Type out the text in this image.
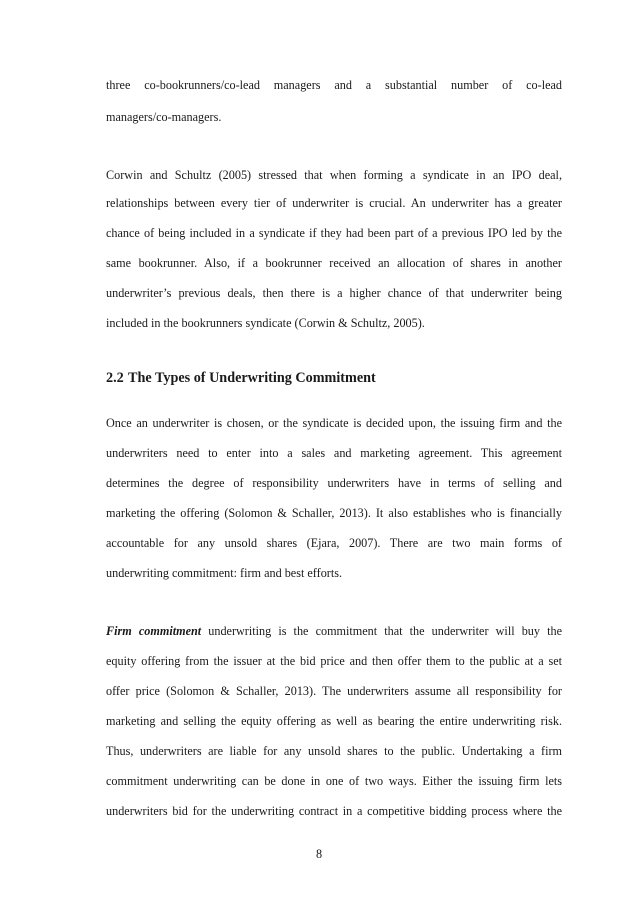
three co-bookrunners/co-lead managers and a substantial number of co-lead
managers/co-managers.
Corwin and Schultz (2005) stressed that when forming a syndicate in an IPO deal,
relationships between every tier of underwriter is crucial. An underwriter has a greater
chance of being included in a syndicate if they had been part of a previous IPO led by the
same bookrunner. Also, if a bookrunner received an allocation of shares in another
underwriter’s previous deals, then there is a higher chance of that underwriter being
included in the bookrunners syndicate (Corwin & Schultz, 2005).
2.2 The Types of Underwriting Commitment
Once an underwriter is chosen, or the syndicate is decided upon, the issuing firm and the
underwriters need to enter into a sales and marketing agreement. This agreement
determines the degree of responsibility underwriters have in terms of selling and
marketing the offering (Solomon & Schaller, 2013). It also establishes who is financially
accountable for any unsold shares (Ejara, 2007). There are two main forms of
underwriting commitment: firm and best efforts.
Firm commitment underwriting is the commitment that the underwriter will buy the
equity offering from the issuer at the bid price and then offer them to the public at a set
offer price (Solomon & Schaller, 2013). The underwriters assume all responsibility for
marketing and selling the equity offering as well as bearing the entire underwriting risk.
Thus, underwriters are liable for any unsold shares to the public. Undertaking a firm
commitment underwriting can be done in one of two ways. Either the issuing firm lets
underwriters bid for the underwriting contract in a competitive bidding process where the
8
